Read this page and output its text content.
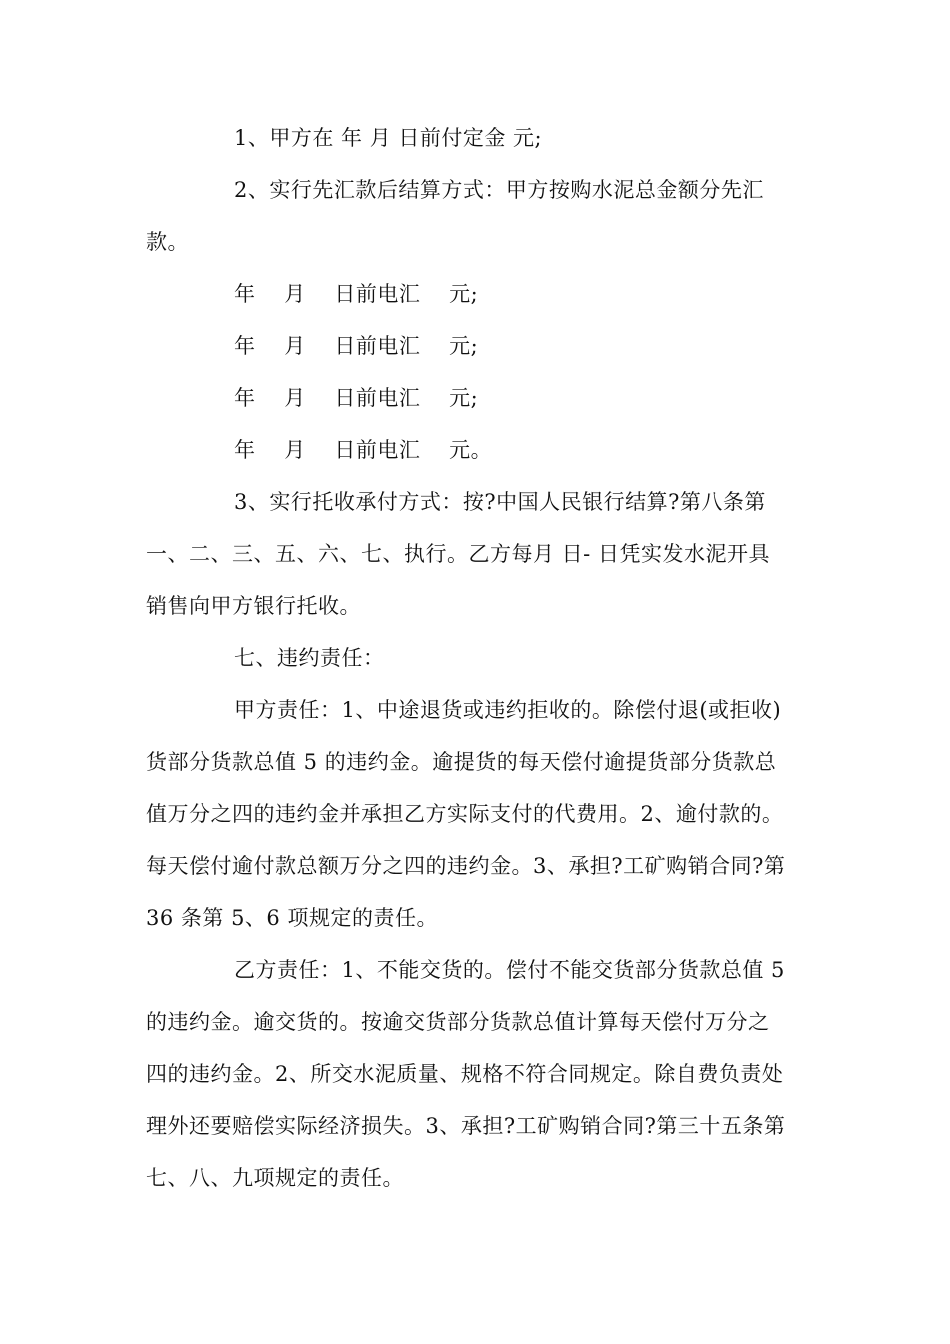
1、甲方在 年 月 日前付定金 元;
2、实行先汇款后结算方式：甲方按购水泥总金额分先汇
款。
年    月    日前电汇    元;
年    月    日前电汇    元;
年    月    日前电汇    元;
年    月    日前电汇    元。
3、实行托收承付方式：按?中国人民银行结算?第八条第
一、二、三、五、六、七、执行。乙方每月 日- 日凭实发水泥开具
销售向甲方银行托收。
七、违约责任：
甲方责任：1、中途退货或违约拒收的。除偿付退(或拒收)
货部分货款总值 5 的违约金。逾提货的每天偿付逾提货部分货款总
值万分之四的违约金并承担乙方实际支付的代费用。2、逾付款的。
每天偿付逾付款总额万分之四的违约金。3、承担?工矿购销合同?第
36 条第 5、6 项规定的责任。
乙方责任：1、不能交货的。偿付不能交货部分货款总值 5
的违约金。逾交货的。按逾交货部分货款总值计算每天偿付万分之
四的违约金。2、所交水泥质量、规格不符合同规定。除自费负责处
理外还要赔偿实际经济损失。3、承担?工矿购销合同?第三十五条第
七、八、九项规定的责任。
